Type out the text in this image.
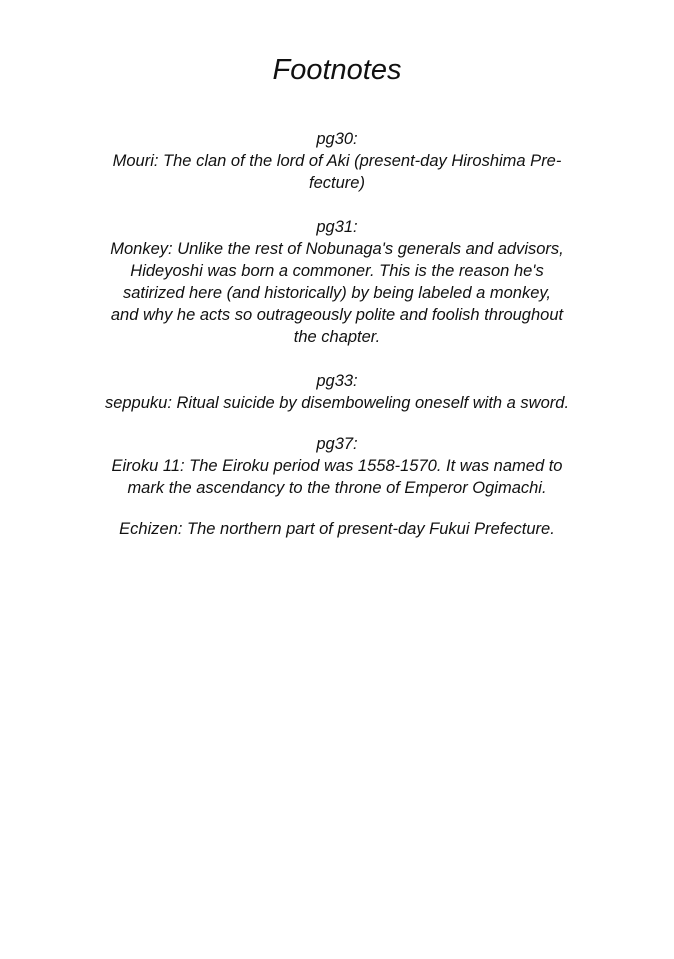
Footnotes
pg30:
Mouri: The clan of the lord of Aki (present-day Hiroshima Pre-
fecture)
pg31:
Monkey: Unlike the rest of Nobunaga's generals and advisors,
Hideyoshi was born a commoner. This is the reason he's
satirized here (and historically) by being labeled a monkey,
and why he acts so outrageously polite and foolish throughout
the chapter.
pg33:
seppuku: Ritual suicide by disemboweling oneself with a sword.
pg37:
Eiroku 11: The Eiroku period was 1558-1570. It was named to
mark the ascendancy to the throne of Emperor Ogimachi.
Echizen: The northern part of present-day Fukui Prefecture.
